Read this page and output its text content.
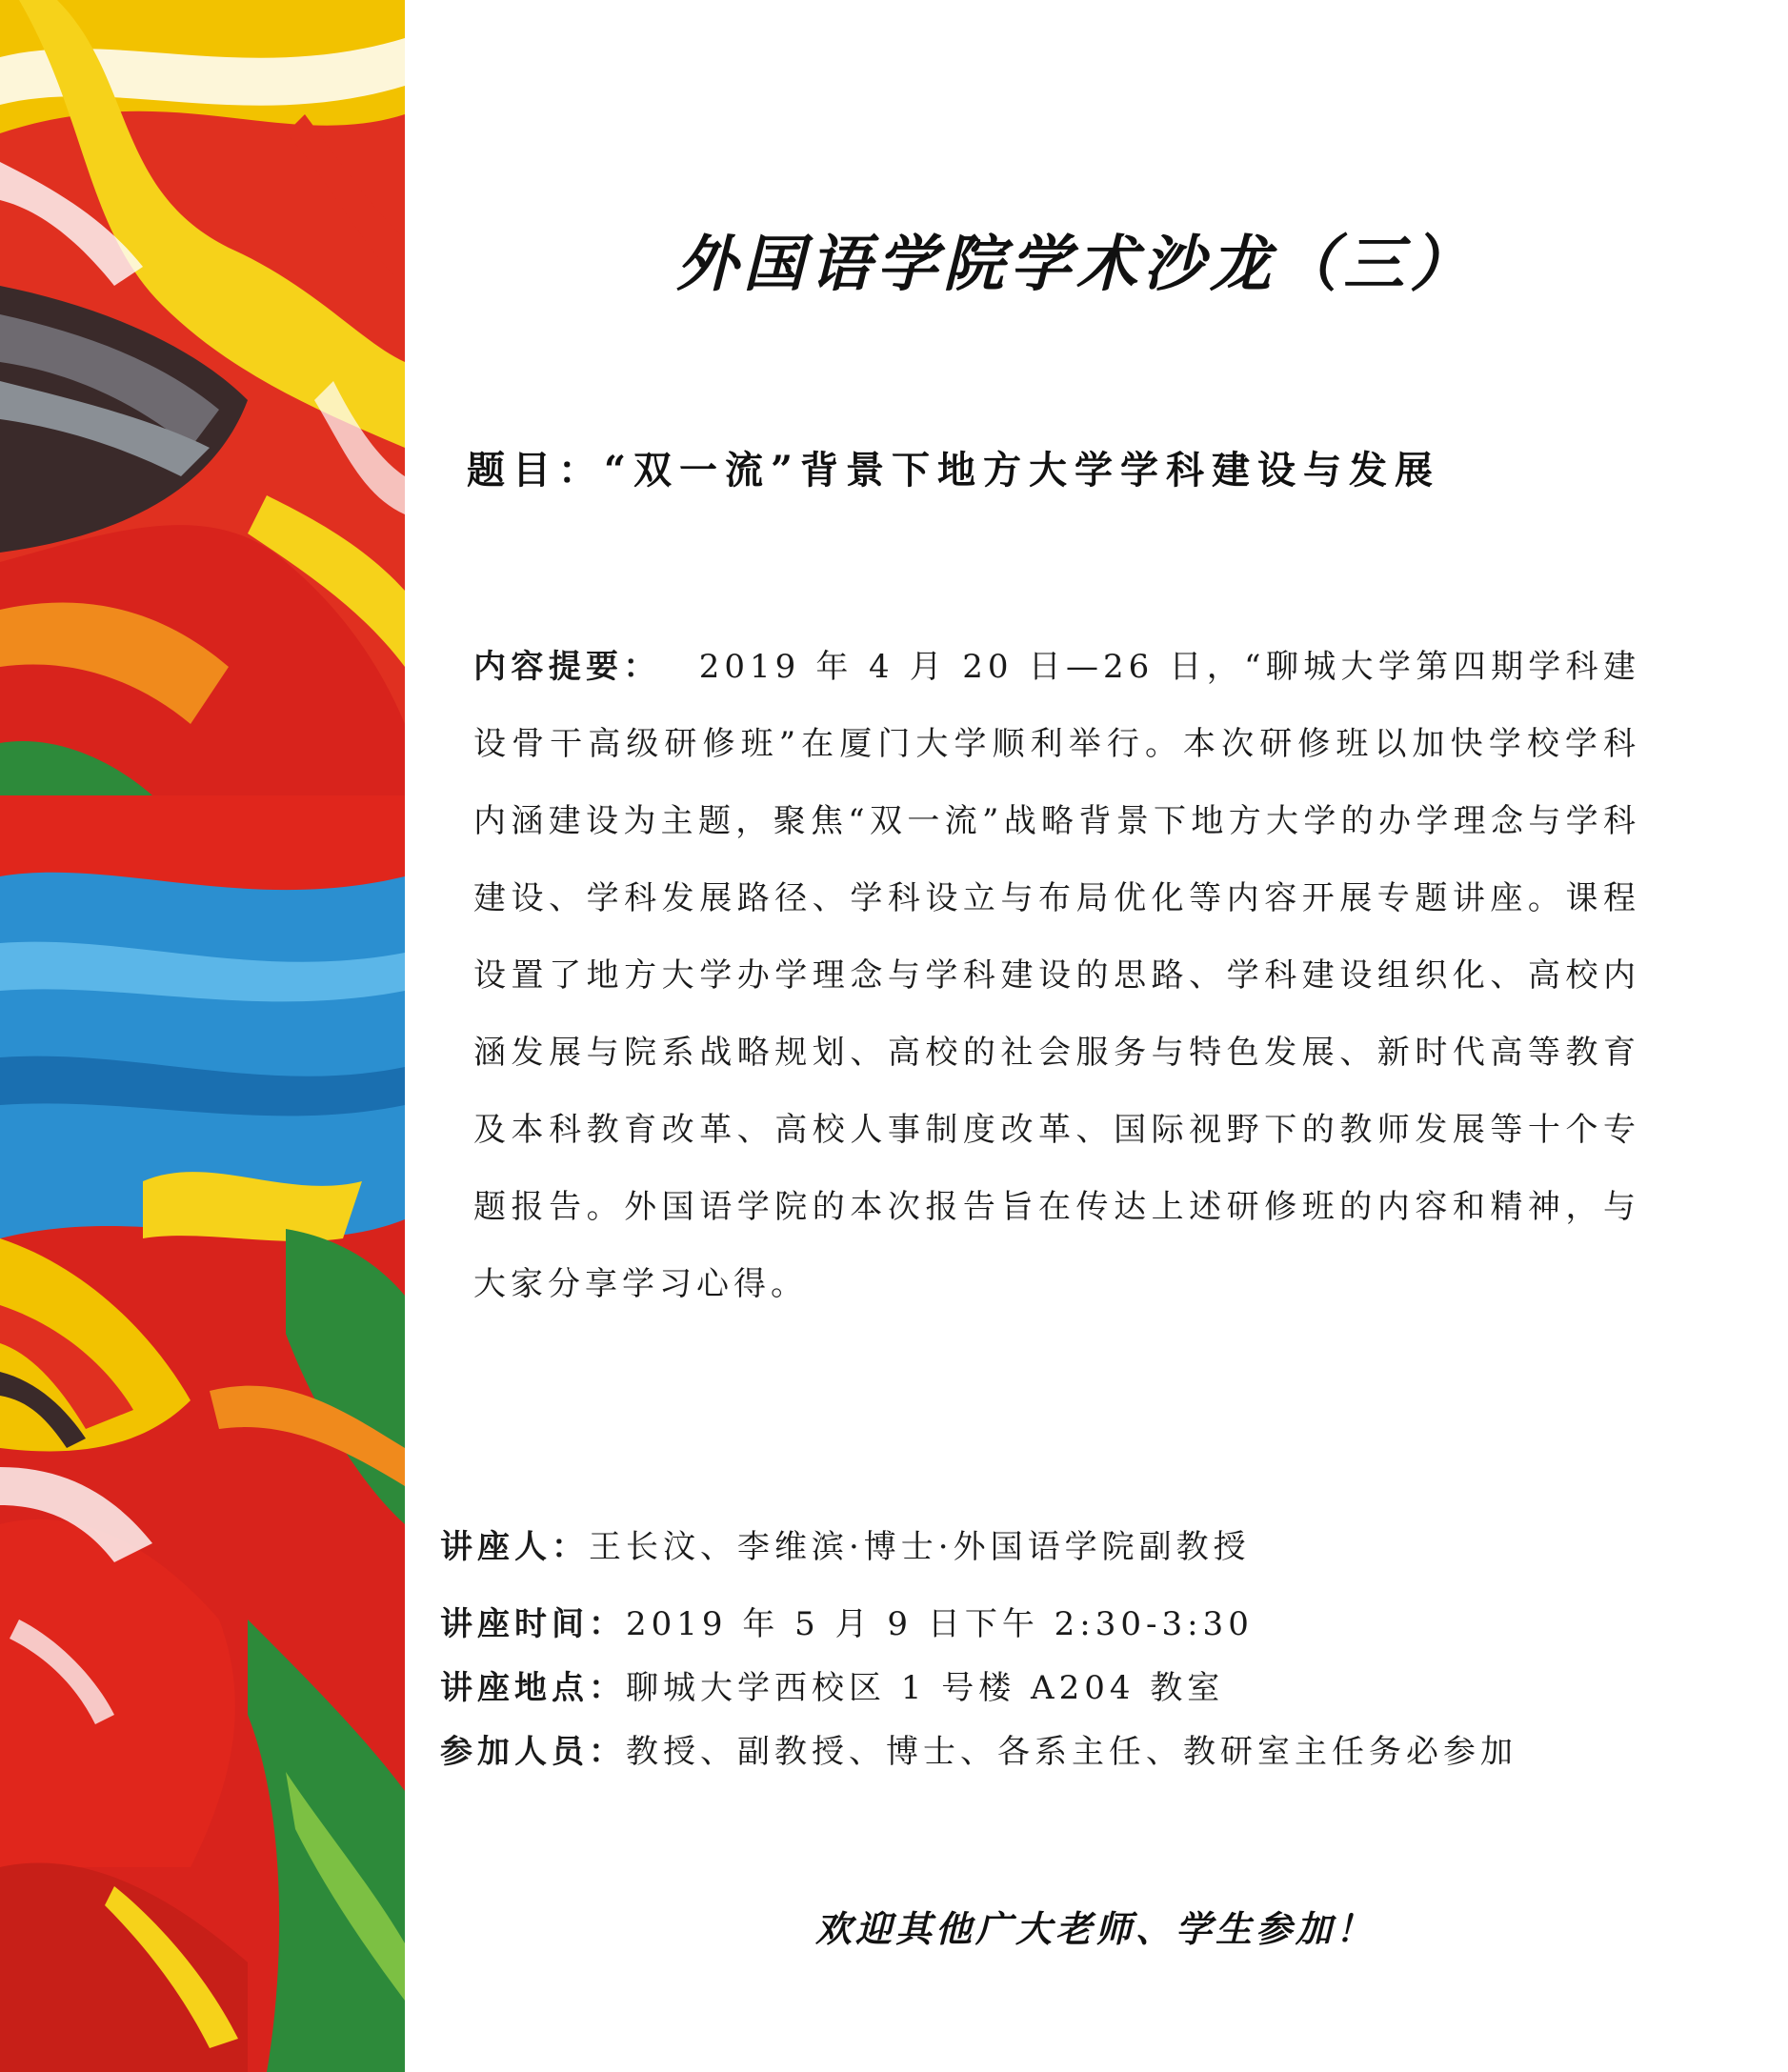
外国语学院学术沙龙（三）
题目：“双一流”背景下地方大学学科建设与发展
内容提要： 2019 年 4 月 20 日—26 日，“聊城大学第四期学科建设骨干高级研修班”在厦门大学顺利举行。本次研修班以加快学校学科内涵建设为主题，聚焦“双一流”战略背景下地方大学的办学理念与学科建设、学科发展路径、学科设立与布局优化等内容开展专题讲座。课程设置了地方大学办学理念与学科建设的思路、学科建设组织化、高校内涵发展与院系战略规划、高校的社会服务与特色发展、新时代高等教育及本科教育改革、高校人事制度改革、国际视野下的教师发展等十个专题报告。外国语学院的本次报告旨在传达上述研修班的内容和精神，与大家分享学习心得。
讲座人：王长汶、李维滨·博士·外国语学院副教授
讲座时间：2019 年 5 月 9 日下午 2:30-3:30
讲座地点：聊城大学西校区 1 号楼 A204 教室
参加人员：教授、副教授、博士、各系主任、教研室主任务必参加
欢迎其他广大老师、学生参加！
